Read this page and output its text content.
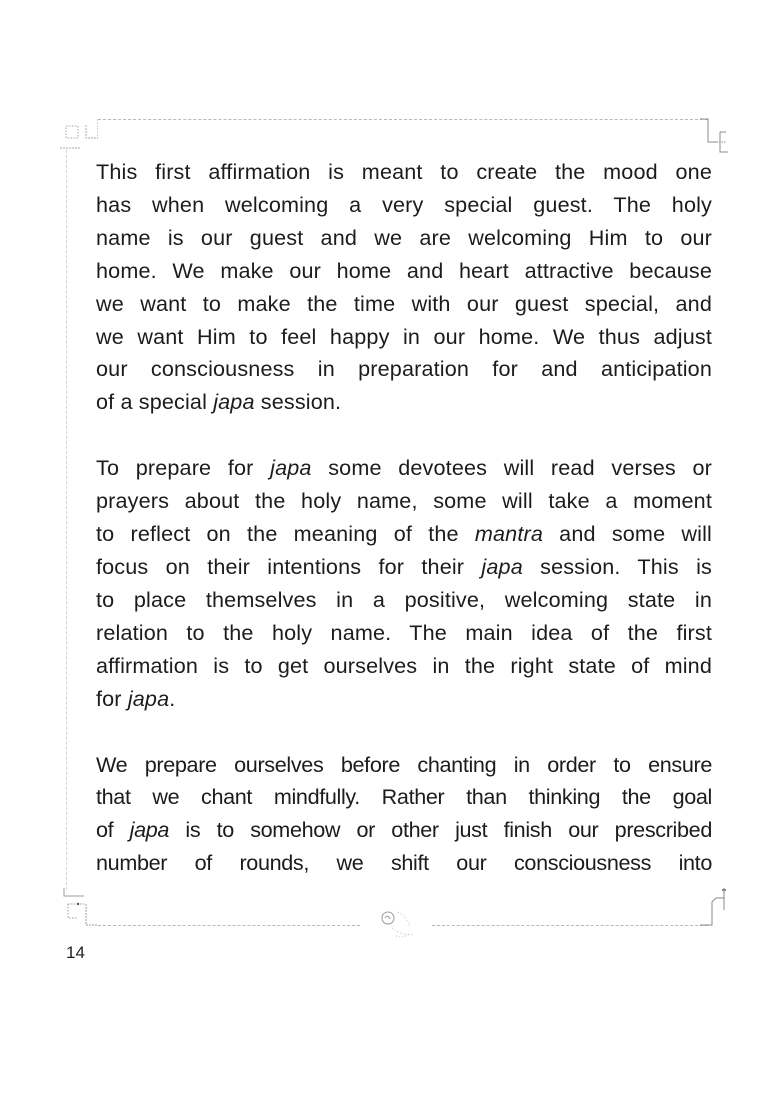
This first affirmation is meant to create the mood one
has when welcoming a very special guest. The holy
name is our guest and we are welcoming Him to our
home. We make our home and heart attractive because
we want to make the time with our guest special, and
we want Him to feel happy in our home. We thus adjust
our consciousness in preparation for and anticipation
of a special japa session.

To prepare for japa some devotees will read verses or
prayers about the holy name, some will take a moment
to reflect on the meaning of the mantra and some will
focus on their intentions for their japa session. This is
to place themselves in a positive, welcoming state in
relation to the holy name. The main idea of the first
affirmation is to get ourselves in the right state of mind
for japa.

We prepare ourselves before chanting in order to ensure
that we chant mindfully. Rather than thinking the goal
of japa is to somehow or other just finish our prescribed
number of rounds, we shift our consciousness into

14
